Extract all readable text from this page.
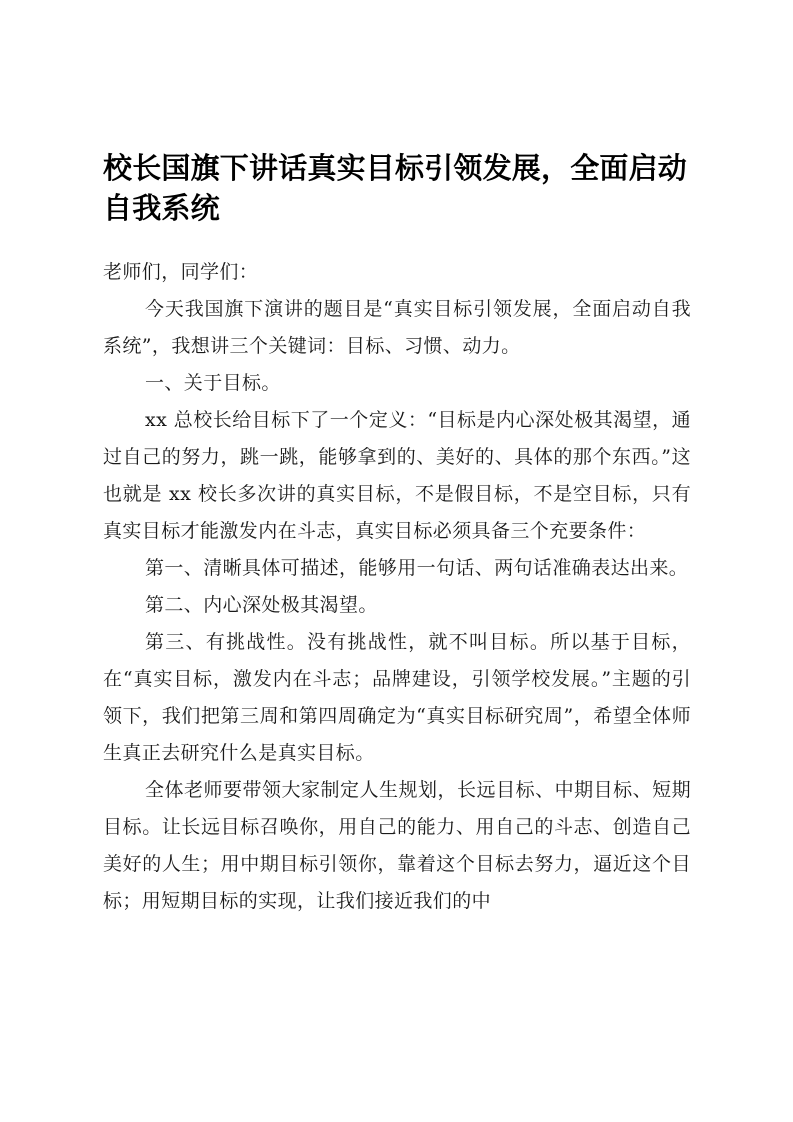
校长国旗下讲话真实目标引领发展，全面启动自我系统

老师们，同学们：

今天我国旗下演讲的题目是“真实目标引领发展，全面启动自我系统”，我想讲三个关键词：目标、习惯、动力。

一、关于目标。

xx 总校长给目标下了一个定义：“目标是内心深处极其渴望，通过自己的努力，跳一跳，能够拿到的、美好的、具体的那个东西。”这也就是 xx 校长多次讲的真实目标，不是假目标，不是空目标，只有真实目标才能激发内在斗志，真实目标必须具备三个充要条件：

第一、清晰具体可描述，能够用一句话、两句话准确表达出来。

第二、内心深处极其渴望。

第三、有挑战性。没有挑战性，就不叫目标。所以基于目标，在“真实目标，激发内在斗志；品牌建设，引领学校发展。”主题的引领下，我们把第三周和第四周确定为“真实目标研究周”，希望全体师生真正去研究什么是真实目标。

全体老师要带领大家制定人生规划，长远目标、中期目标、短期目标。让长远目标召唤你，用自己的能力、用自己的斗志、创造自己美好的人生；用中期目标引领你，靠着这个目标去努力，逼近这个目标；用短期目标的实现，让我们接近我们的中
